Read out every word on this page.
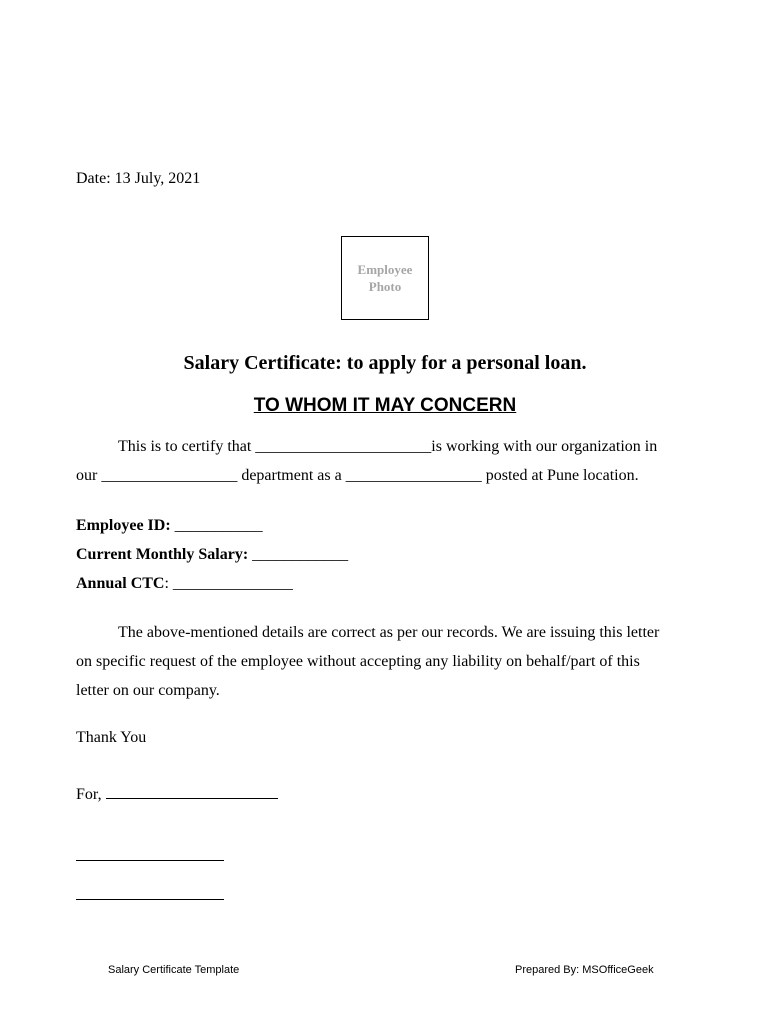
Date: 13 July, 2021
Employee
Photo
Salary Certificate: to apply for a personal loan.
TO WHOM IT MAY CONCERN
This is to certify that ______________________is working with our organization in
our _________________ department as a _________________ posted at Pune location.
Employee ID: ___________
Current Monthly Salary: ____________
Annual CTC: _______________
The above-mentioned details are correct as per our records. We are issuing this letter
on specific request of the employee without accepting any liability on behalf/part of this
letter on our company.
Thank You
For,
Salary Certificate Template	Prepared By: MSOfficeGeek
